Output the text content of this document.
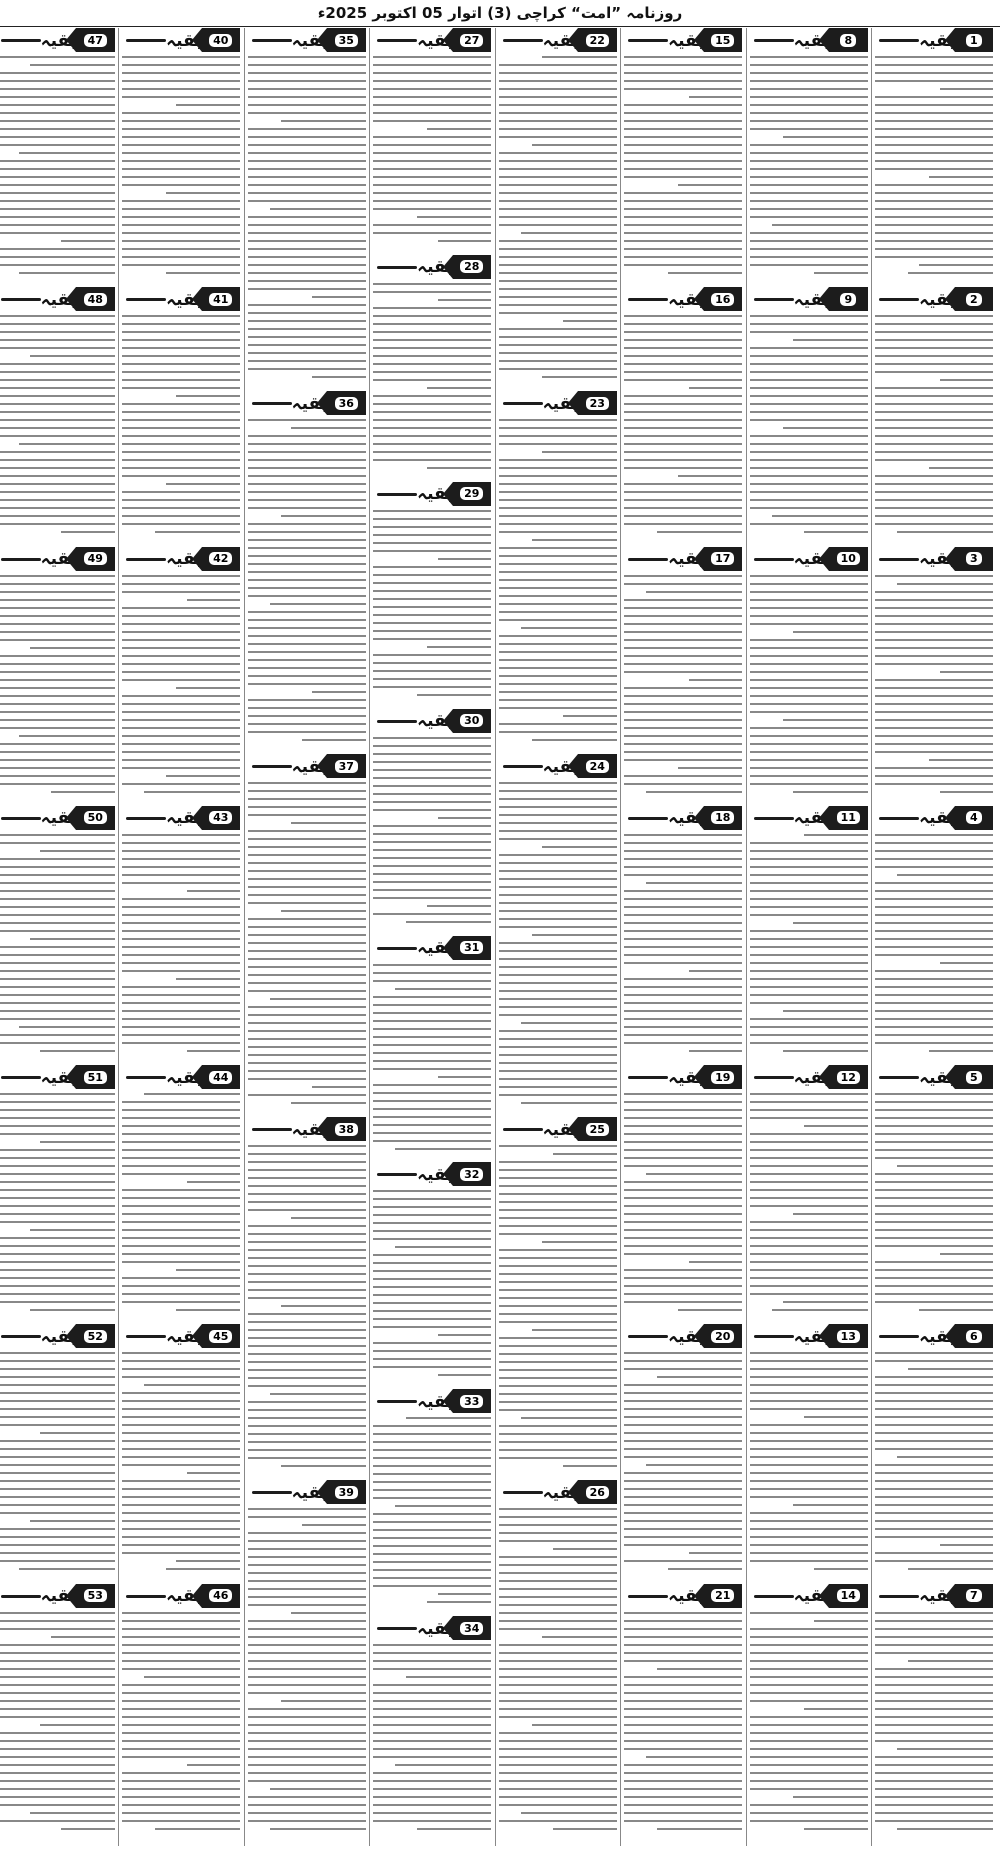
روزنامہ ”امت“ کراچی (3) اتوار 05 اکتوبر 2025ء
1
بقیہ
2
بقیہ
3
بقیہ
4
بقیہ
5
بقیہ
6
بقیہ
7
بقیہ
8
بقیہ
9
بقیہ
10
بقیہ
11
بقیہ
12
بقیہ
13
بقیہ
14
بقیہ
15
بقیہ
16
بقیہ
17
بقیہ
18
بقیہ
19
بقیہ
20
بقیہ
21
بقیہ
22
بقیہ
23
بقیہ
24
بقیہ
25
بقیہ
26
بقیہ
27
بقیہ
28
بقیہ
29
بقیہ
30
بقیہ
31
بقیہ
32
بقیہ
33
بقیہ
34
بقیہ
35
بقیہ
36
بقیہ
37
بقیہ
38
بقیہ
39
بقیہ
40
بقیہ
41
بقیہ
42
بقیہ
43
بقیہ
44
بقیہ
45
بقیہ
46
بقیہ
47
بقیہ
48
بقیہ
49
بقیہ
50
بقیہ
51
بقیہ
52
بقیہ
53
بقیہ
